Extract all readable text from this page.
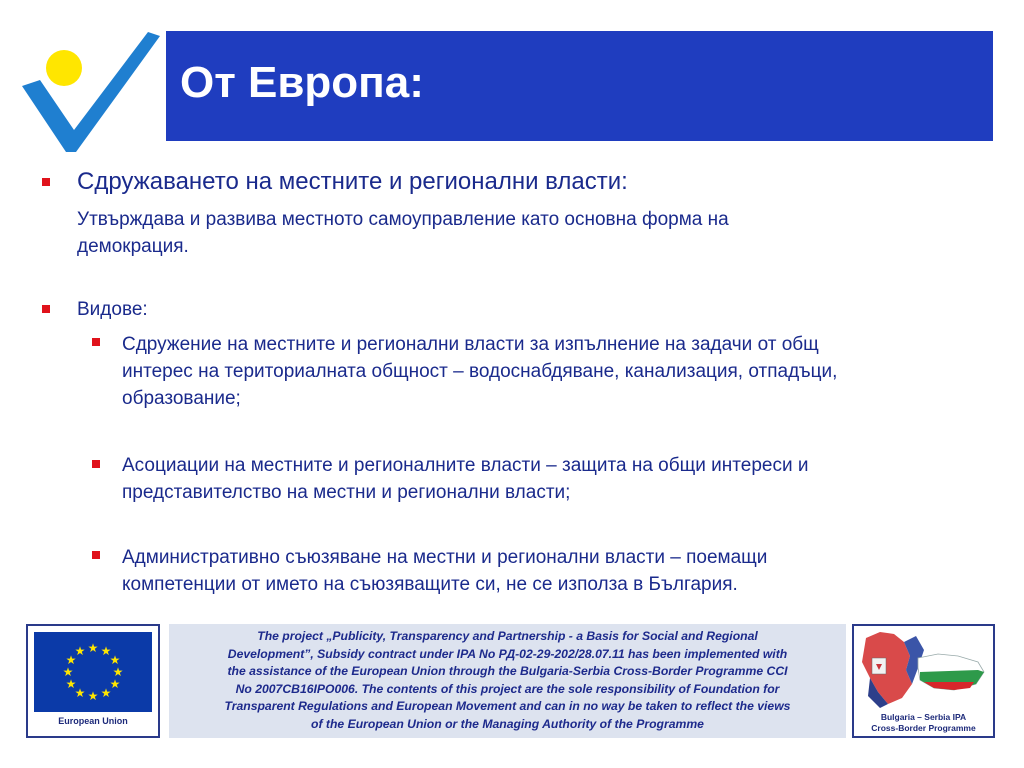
От Европа:
Сдружаването на местните и регионални власти:
Утвърждава и развива местното самоуправление като основна форма на
демокрация.
Видове:
Сдружение на местните и регионални власти за изпълнение на задачи от общ
интерес на териториалната общност – водоснабдяване, канализация, отпадъци,
образование;
Асоциации на местните и регионалните власти – защита на общи интереси и
представителство на местни и регионални власти;
Административно съюзяване на местни и регионални власти – поемащи
компетенции от името на съюзяващите си, не се използа в България.
★ ★
★
★
★
★
★
★
★
★
★
★
European Union
The project „Publicity, Transparency and Partnership - a Basis for Social and Regional
Development”, Subsidy contract under IPA No РД-02-29-202/28.07.11 has been implemented with
the assistance of the European Union through the Bulgaria-Serbia Cross-Border Programme CCI
No 2007CB16IPO006. The contents of this project are the sole responsibility of Foundation for
Transparent Regulations and European Movement and can in no way be taken to reflect the views
of the European Union or the Managing Authority of the Programme	Bulgaria – Serbia IPA
Cross-Border Programme
